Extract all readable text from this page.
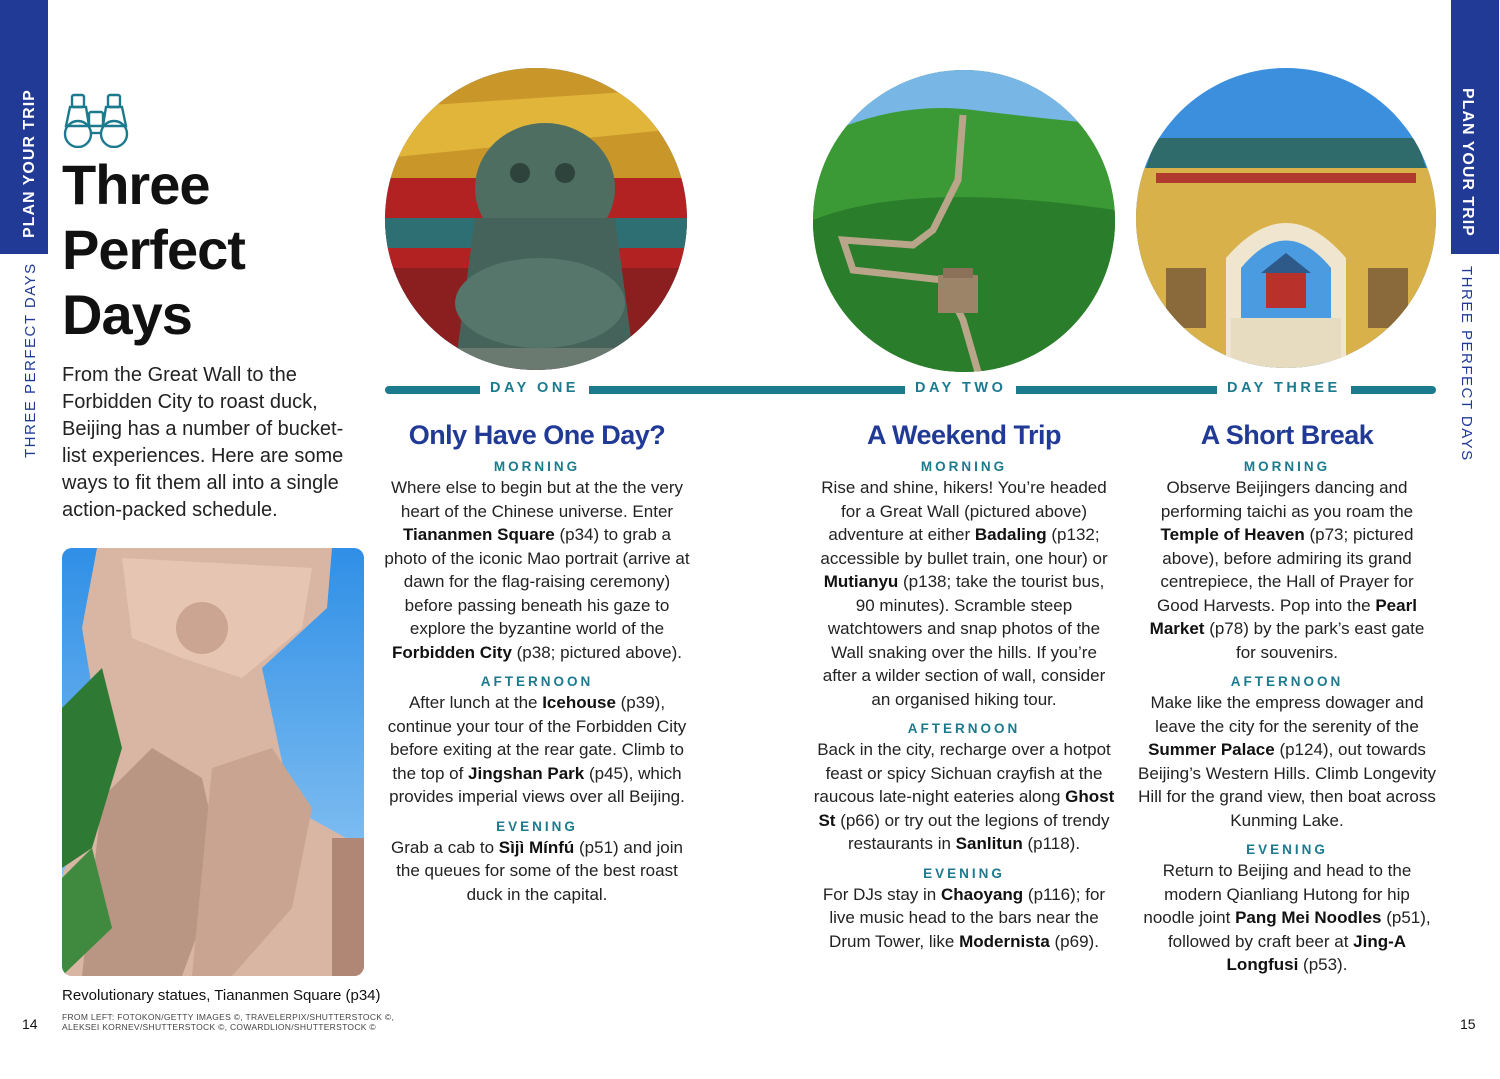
PLAN YOUR TRIP
THREE PERFECT DAYS
PLAN YOUR TRIP
THREE PERFECT DAYS
Three
Perfect
Days

From the Great Wall to the Forbidden City to roast duck, Beijing has a number of bucket-list experiences. Here are some ways to fit them all into a single action-packed schedule.

Revolutionary statues, Tiananmen Square (p34)
FROM LEFT: FOTOKON/GETTY IMAGES ©, TRAVELERPIX/SHUTTERSTOCK ©, ALEKSEI KORNEV/SHUTTERSTOCK ©, COWARDLION/SHUTTERSTOCK ©
14	15
DAY ONE	DAY TWO	DAY THREE
Only Have One Day?
MORNING

Where else to begin but at the the very heart of the Chinese universe. Enter Tiananmen Square (p34) to grab a photo of the iconic Mao portrait (arrive at dawn for the flag-raising ceremony) before passing beneath his gaze to explore the byzantine world of the Forbidden City (p38; pictured above).

AFTERNOON

After lunch at the Icehouse (p39), continue your tour of the Forbidden City before exiting at the rear gate. Climb to the top of Jingshan Park (p45), which provides imperial views over all Beijing.

EVENING

Grab a cab to Sìjì Mínfú (p51) and join the queues for some of the best roast duck in the capital.

A Weekend Trip
MORNING

Rise and shine, hikers! You’re headed for a Great Wall (pictured above) adventure at either Badaling (p132; accessible by bullet train, one hour) or Mutianyu (p138; take the tourist bus, 90 minutes). Scramble steep watchtowers and snap photos of the Wall snaking over the hills. If you’re after a wilder section of wall, consider an organised hiking tour.

AFTERNOON

Back in the city, recharge over a hotpot feast or spicy Sichuan crayfish at the raucous late-night eateries along Ghost St (p66) or try out the legions of trendy restaurants in Sanlitun (p118).

EVENING

For DJs stay in Chaoyang (p116); for live music head to the bars near the Drum Tower, like Modernista (p69).

A Short Break
MORNING

Observe Beijingers dancing and performing taichi as you roam the Temple of Heaven (p73; pictured above), before admiring its grand centrepiece, the Hall of Prayer for Good Harvests. Pop into the Pearl Market (p78) by the park’s east gate for souvenirs.

AFTERNOON

Make like the empress dowager and leave the city for the serenity of the Summer Palace (p124), out towards Beijing’s Western Hills. Climb Longevity Hill for the grand view, then boat across Kunming Lake.

EVENING

Return to Beijing and head to the modern Qianliang Hutong for hip noodle joint Pang Mei Noodles (p51), followed by craft beer at Jing-A Longfusi (p53).
